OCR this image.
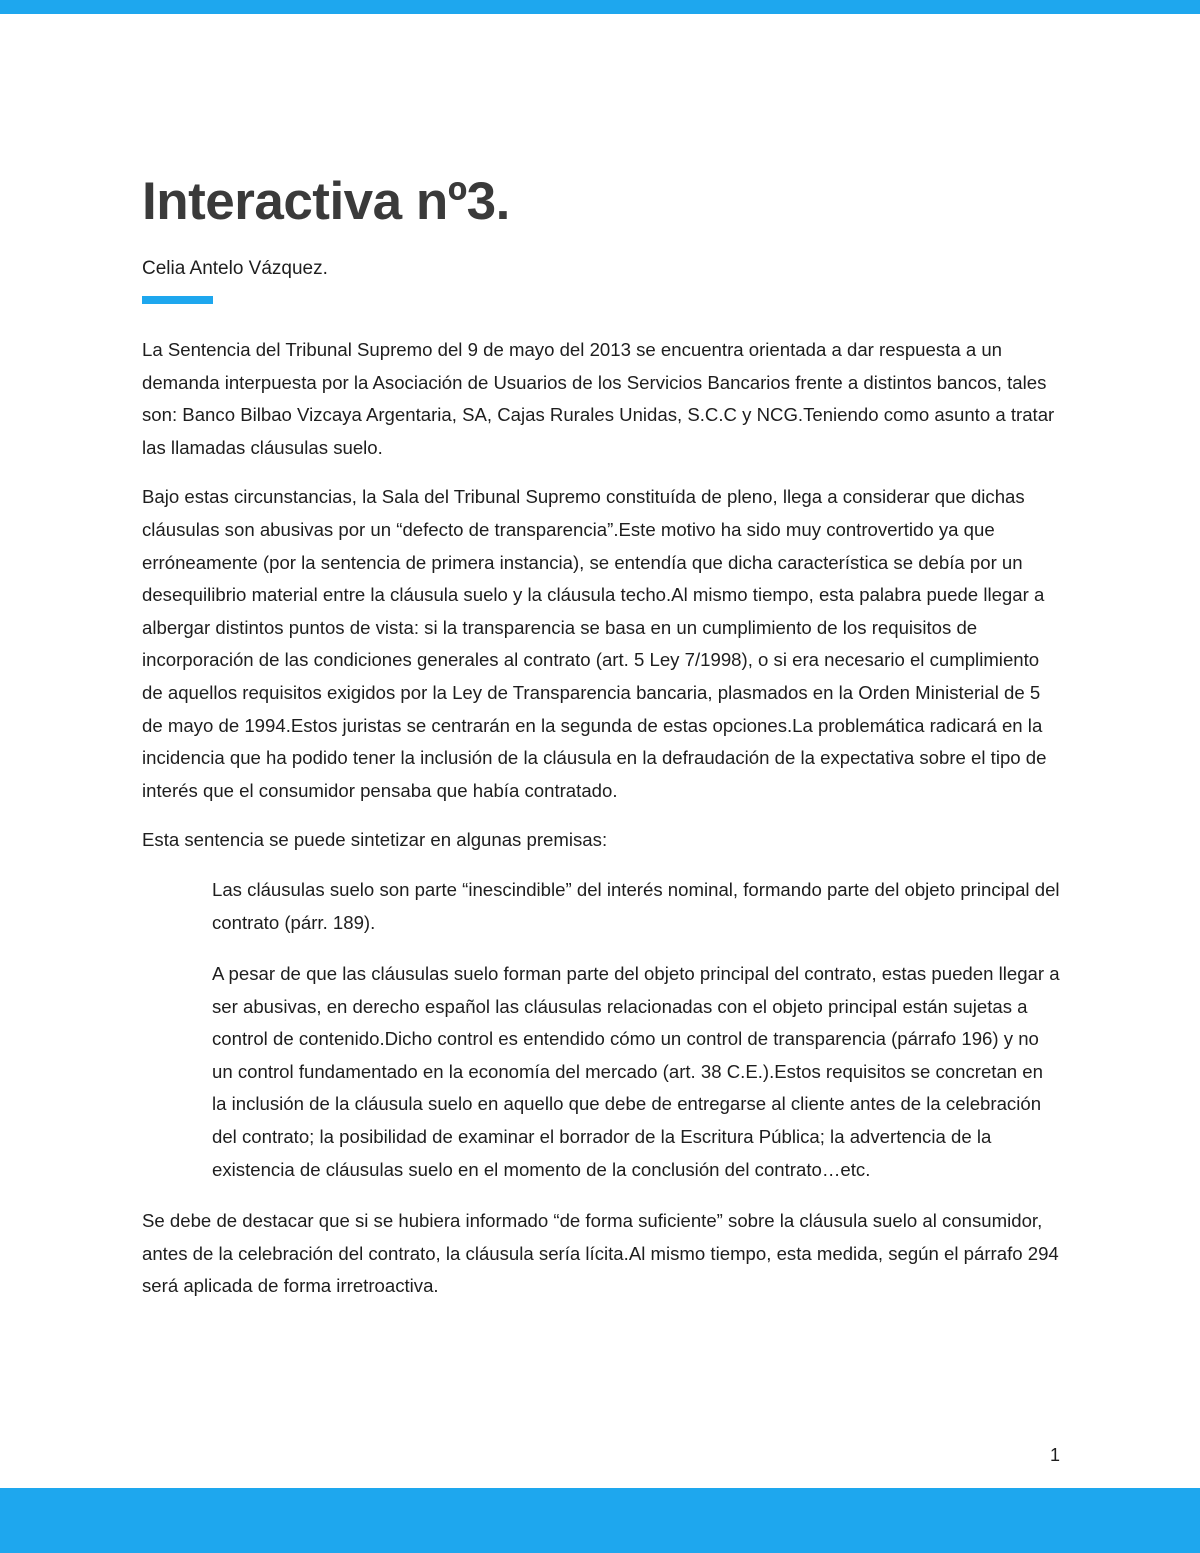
Interactiva nº3.

Celia Antelo Vázquez.

La Sentencia del Tribunal Supremo del 9 de mayo del 2013 se encuentra orientada a dar respuesta a un demanda interpuesta por la Asociación de Usuarios de los Servicios Bancarios frente a distintos bancos, tales son: Banco Bilbao Vizcaya Argentaria, SA, Cajas Rurales Unidas, S.C.C y NCG.Teniendo como asunto a tratar las llamadas cláusulas suelo.

Bajo estas circunstancias, la Sala del Tribunal Supremo constituída de pleno, llega a considerar que dichas cláusulas son abusivas por un “defecto de transparencia”.Este motivo ha sido muy controvertido ya que erróneamente (por la sentencia de primera instancia), se entendía que dicha característica se debía por un desequilibrio material entre la cláusula suelo y la cláusula techo.Al mismo tiempo, esta palabra puede llegar a albergar distintos puntos de vista: si la transparencia se basa en un cumplimiento de los requisitos de incorporación de las condiciones generales al contrato (art. 5 Ley 7/1998), o si era necesario el cumplimiento de aquellos requisitos exigidos por la Ley de Transparencia bancaria, plasmados en la Orden Ministerial de 5 de mayo de 1994.Estos juristas se centrarán en la segunda de estas opciones.La problemática radicará en la incidencia que ha podido tener la inclusión de la cláusula en la defraudación de la expectativa sobre el tipo de interés que el consumidor pensaba que había contratado.

Esta sentencia se puede sintetizar en algunas premisas:

Las cláusulas suelo son parte “inescindible” del interés nominal, formando parte del objeto principal del contrato (párr. 189).
A pesar de que las cláusulas suelo forman parte del objeto principal del contrato, estas pueden llegar a ser abusivas, en derecho español las cláusulas relacionadas con el objeto principal están sujetas a control de contenido.Dicho control es entendido cómo un control de transparencia (párrafo 196) y no un control fundamentado en la economía del mercado (art. 38 C.E.).Estos requisitos se concretan en la inclusión de la cláusula suelo en aquello que debe de entregarse al cliente antes de la celebración del contrato; la posibilidad de examinar el borrador de la Escritura Pública; la advertencia de la existencia de cláusulas suelo en el momento de la conclusión del contrato…etc.

Se debe de destacar que si se hubiera informado “de forma suficiente” sobre la cláusula suelo al consumidor, antes de la celebración del contrato, la cláusula sería lícita.Al mismo tiempo, esta medida, según el párrafo 294 será aplicada de forma irretroactiva.

1
